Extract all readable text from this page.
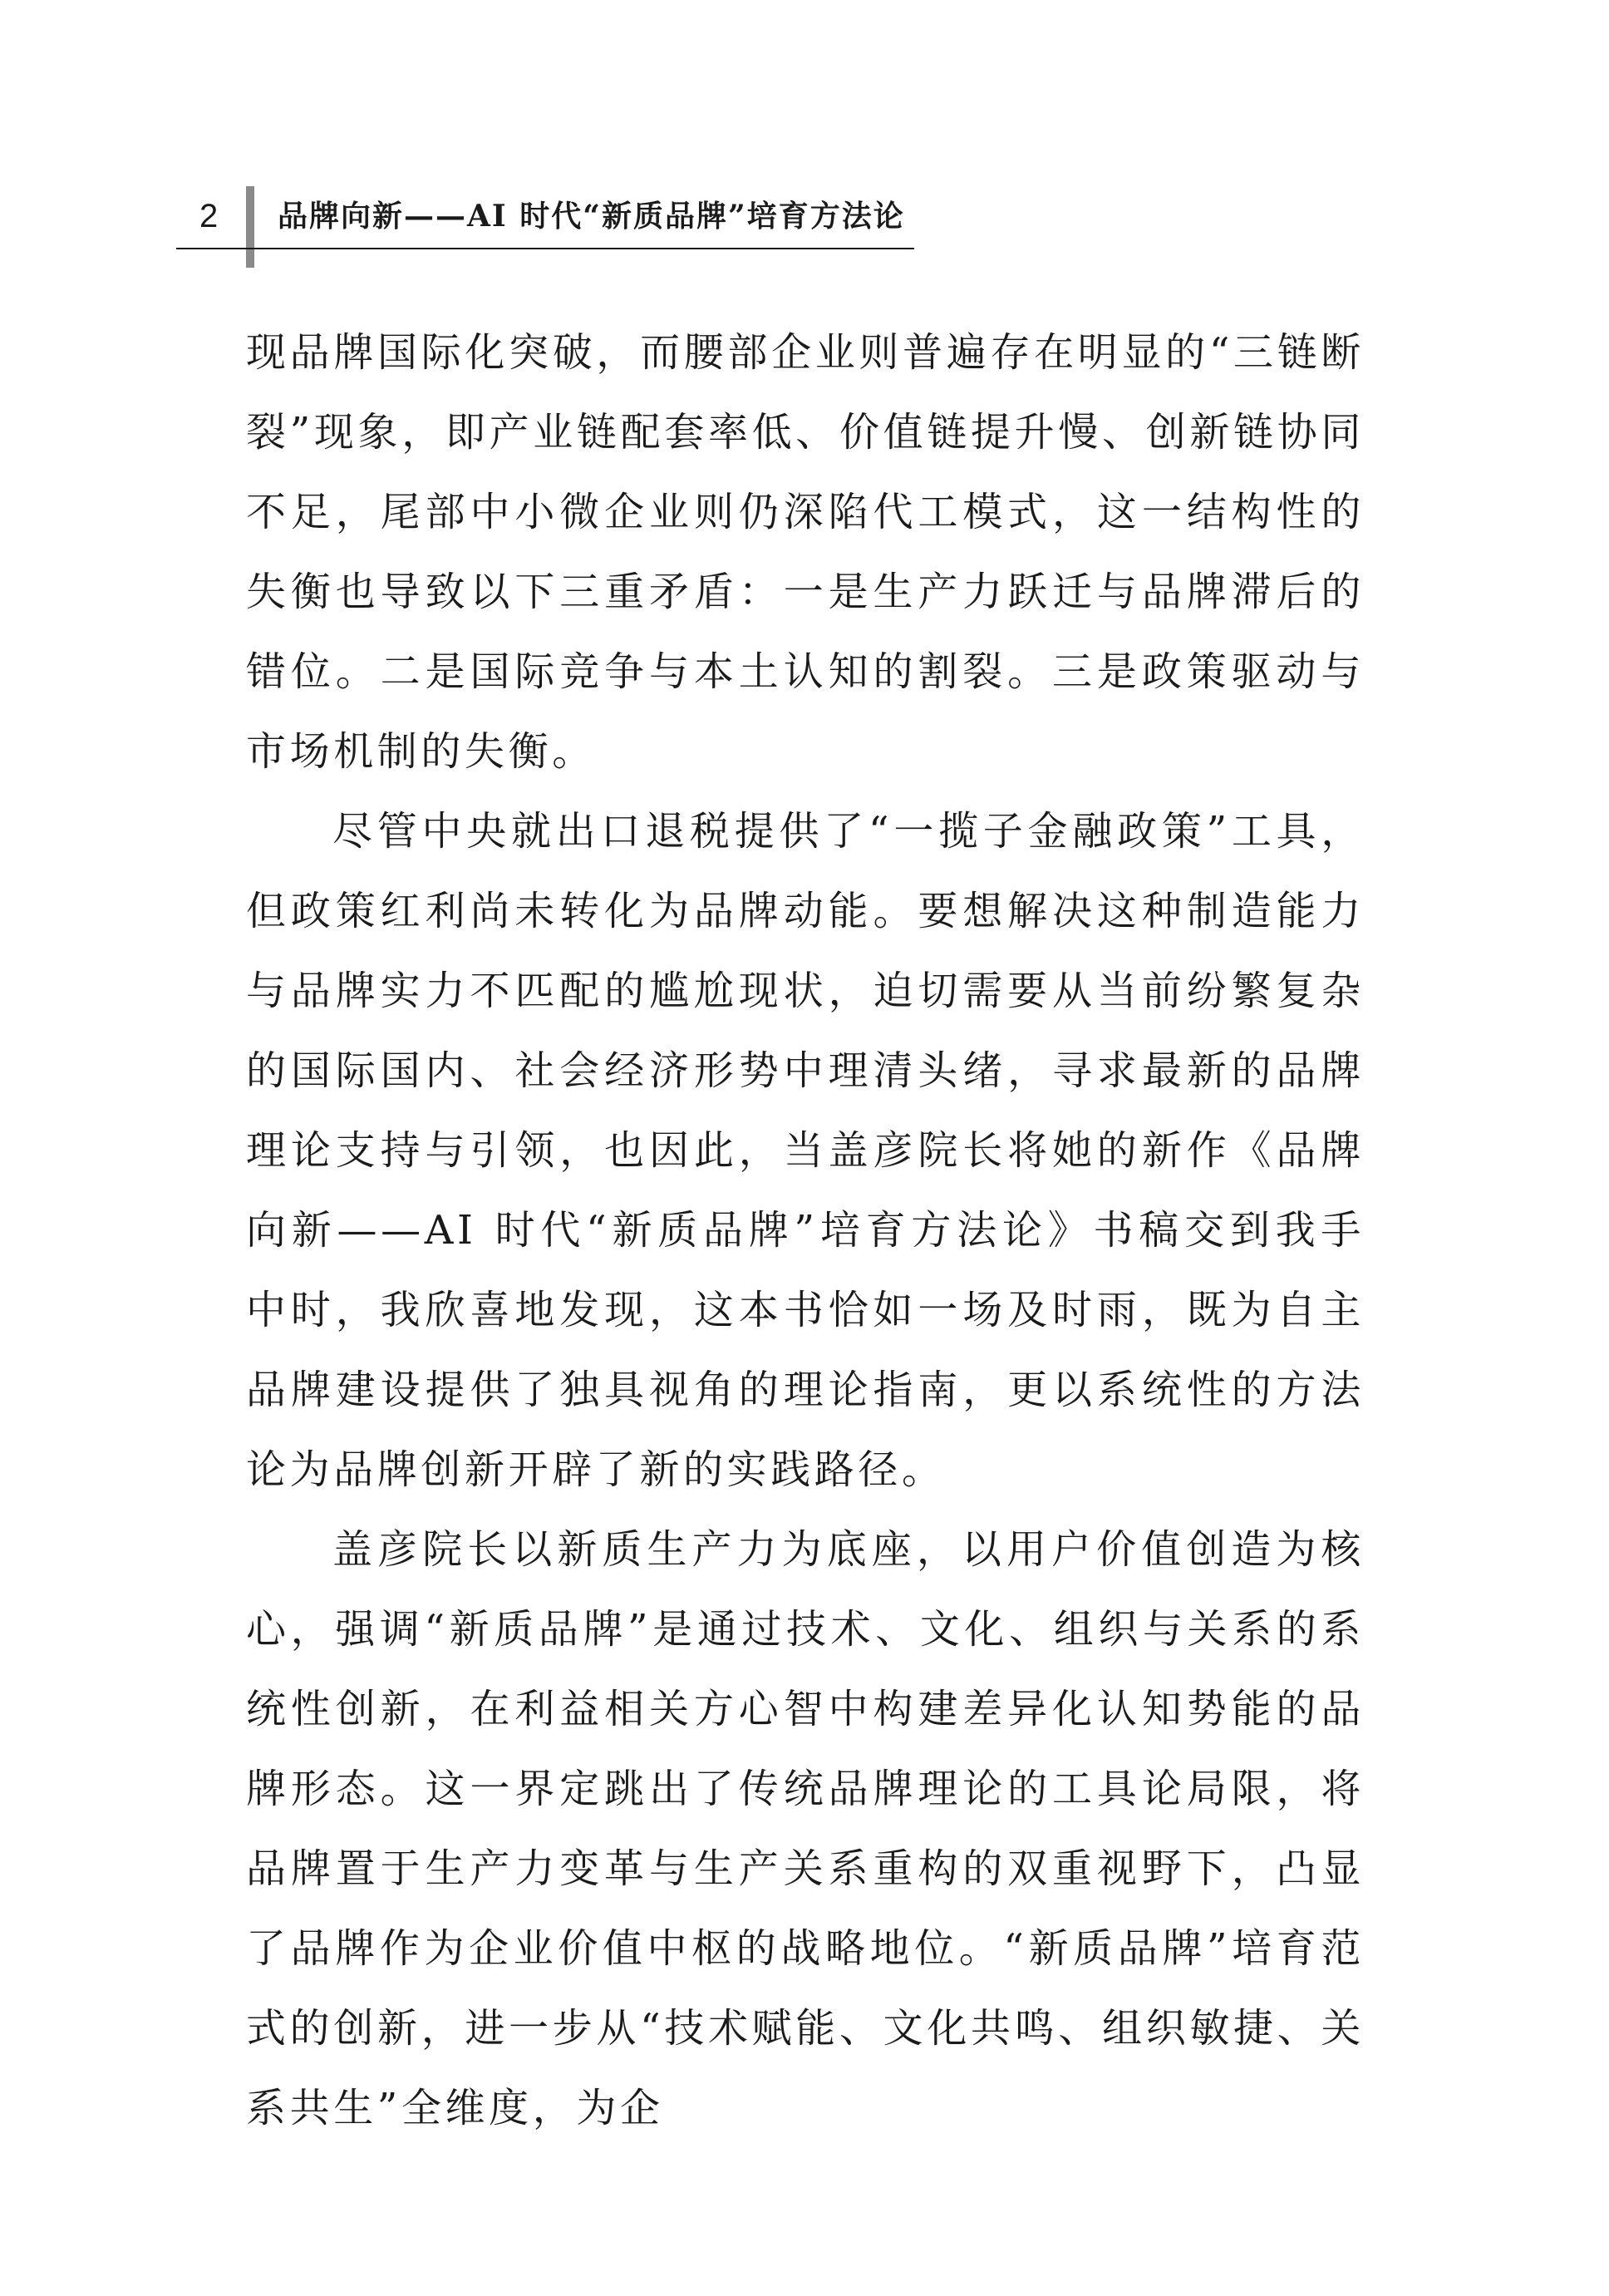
2 品牌向新——AI 时代“新质品牌”培育方法论

现品牌国际化突破，而腰部企业则普遍存在明显的“三链断裂”现象，即产业链配套率低、价值链提升慢、创新链协同不足，尾部中小微企业则仍深陷代工模式，这一结构性的失衡也导致以下三重矛盾：一是生产力跃迁与品牌滞后的错位。二是国际竞争与本土认知的割裂。三是政策驱动与市场机制的失衡。

尽管中央就出口退税提供了“一揽子金融政策”工具，但政策红利尚未转化为品牌动能。要想解决这种制造能力与品牌实力不匹配的尴尬现状，迫切需要从当前纷繁复杂的国际国内、社会经济形势中理清头绪，寻求最新的品牌理论支持与引领，也因此，当盖彦院长将她的新作《品牌向新——AI 时代“新质品牌”培育方法论》书稿交到我手中时，我欣喜地发现，这本书恰如一场及时雨，既为自主品牌建设提供了独具视角的理论指南，更以系统性的方法论为品牌创新开辟了新的实践路径。

盖彦院长以新质生产力为底座，以用户价值创造为核心，强调“新质品牌”是通过技术、文化、组织与关系的系统性创新，在利益相关方心智中构建差异化认知势能的品牌形态。这一界定跳出了传统品牌理论的工具论局限，将品牌置于生产力变革与生产关系重构的双重视野下，凸显了品牌作为企业价值中枢的战略地位。“新质品牌”培育范式的创新，进一步从“技术赋能、文化共鸣、组织敏捷、关系共生”全维度，为企
